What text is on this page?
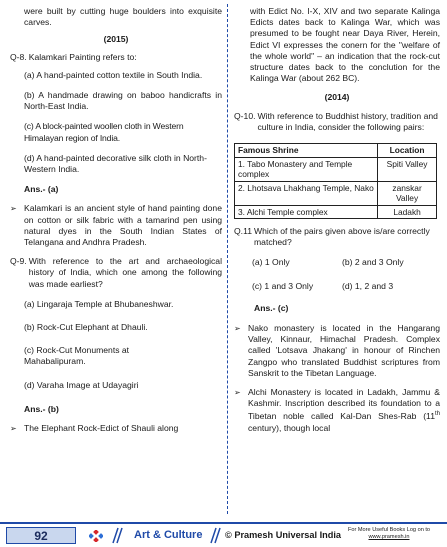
were built by cutting huge boulders into exquisite carves.
(2015)
Q-8. Kalamkari Painting refers to:
(a) A hand-painted cotton textile in South India.
(b) A handmade drawing on baboo handicrafts in North-East India.
(c) A block-painted woollen cloth in Western Himalayan region of India.
(d) A hand-painted decorative silk cloth in North-Western India.
Ans.- (a)
➢ Kalamkari is an ancient style of hand painting done on cotton or silk fabric with a tamarind pen using natural dyes in the South Indian States of Telangana and Andhra Pradesh.
Q-9. With reference to the art and archaeological history of India, which one among the following was made earliest?
(a) Lingaraja Temple at Bhubaneshwar.
(b) Rock-Cut Elephant at Dhauli.
(c) Rock-Cut Monuments at Mahabalipuram.
(d) Varaha Image at Udayagiri
Ans.- (b)
➢ The Elephant Rock-Edict of Shauli along
with Edict No. I-X, XIV and two separate Kalinga Edicts dates back to Kalinga War, which was presumed to be fought near Daya River, Herein, Edict VI expresses the conern for the "welfare of the whole world" – an indication that the rock-cut structure dates back to the conclution for the Kalinga War (about 262 BC).
(2014)
Q-10. With reference to Buddhist history, tradition and culture in India, consider the following pairs:
Famous Shrine	Location
1. Tabo Monastery and Temple complex	Spiti Valley
2. Lhotsava Lhakhang Temple, Nako	zanskar Valley
3. Alchi Temple complex	Ladakh
Q.11 Which of the pairs given above is/are correctly matched?
(a) 1 Only	(b) 2 and 3 Only
(c) 1 and 3 Only	(d) 1, 2 and 3
Ans.- (c)
➢ Nako monastery is located in the Hangarang Valley, Kinnaur, Himachal Pradesh. Complex called 'Lotsava Jhakang' in honour of Rinchen Zangpo who translated Buddhist scriptures from Sanskrit to the Tibetan Language.
➢ Alchi Monastery is located in Ladakh, Jammu & Kashmir. Inscription described its foundation to a Tibetan noble called Kal-Dan Shes-Rab (11th century), though local
92	Art & Culture © Pramesh Universal India	For More Useful Books Log on to
www.pramesh.in
